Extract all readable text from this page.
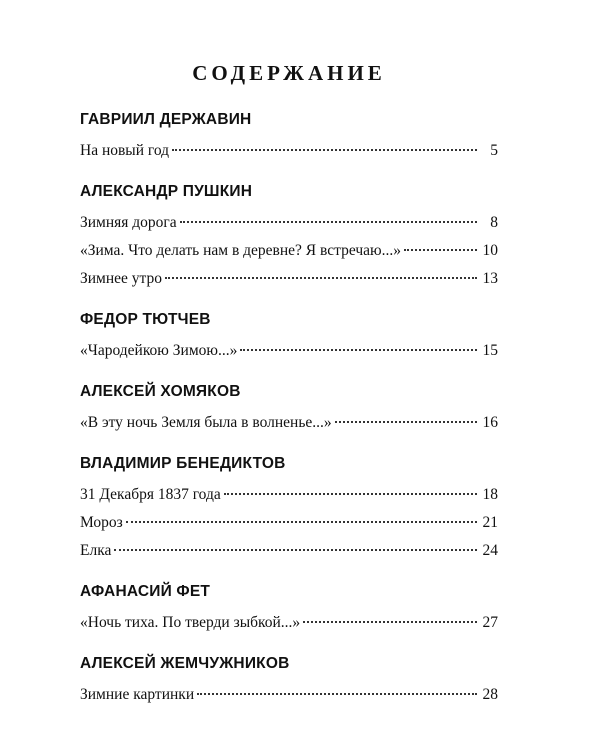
СОДЕРЖАНИЕ
ГАВРИИЛ ДЕРЖАВИН
На новый год	5
АЛЕКСАНДР ПУШКИН
Зимняя дорога	8
«Зима. Что делать нам в деревне? Я встречаю...»	10
Зимнее утро	13
ФЕДОР ТЮТЧЕВ
«Чародейкою Зимою...»	15
АЛЕКСЕЙ ХОМЯКОВ
«В эту ночь Земля была в волненье...»	16
ВЛАДИМИР БЕНЕДИКТОВ
31 Декабря 1837 года	18
Мороз	21
Елка	24
АФАНАСИЙ ФЕТ
«Ночь тиха. По тверди зыбкой...»	27
АЛЕКСЕЙ ЖЕМЧУЖНИКОВ
Зимние картинки	28
